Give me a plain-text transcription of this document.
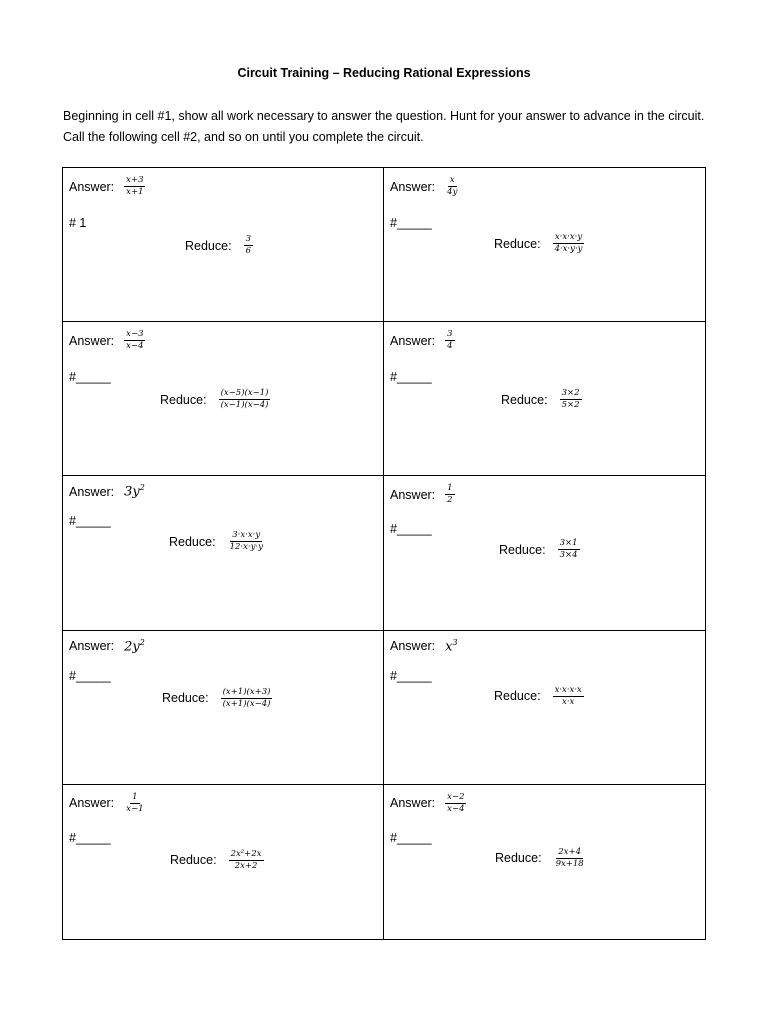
Circuit Training – Reducing Rational Expressions
Beginning in cell #1, show all work necessary to answer the question. Hunt for your answer to advance in the circuit. Call the following cell #2, and so on until you complete the circuit.
Answer: $\frac{x+3}{x+1}$
# 1
Reduce: $\frac{3}{6}$
Answer: $\frac{x}{4y}$
#_____
Reduce: $\frac{x\cdot x\cdot x\cdot y}{4\cdot x\cdot y\cdot y}$
Answer: $\frac{x-3}{x-4}$
#_____
Reduce: $\frac{(x-5)(x-1)}{(x-1)(x-4)}$
Answer: $\frac{3}{4}$
#_____
Reduce: $\frac{3\times 2}{5\times 2}$
Answer: $3y^2$
#_____
Reduce: $\frac{3\cdot x\cdot x\cdot y}{12\cdot x\cdot y\cdot y}$
Answer: $\frac{1}{2}$
#_____
Reduce: $\frac{3\times 1}{3\times 4}$
Answer: $2y^2$
#_____
Reduce: $\frac{(x+1)(x+3)}{(x+1)(x-4)}$
Answer: $x^3$
#_____
Reduce: $\frac{x\cdot x\cdot x\cdot x}{x\cdot x}$
Answer: $\frac{1}{x-1}$
#_____
Reduce: $\frac{\text{2x²+2x}}{2x+2}$
Answer: $\frac{x-2}{x-4}$
#_____
Reduce: $\frac{2x+4}{9x+18}$
